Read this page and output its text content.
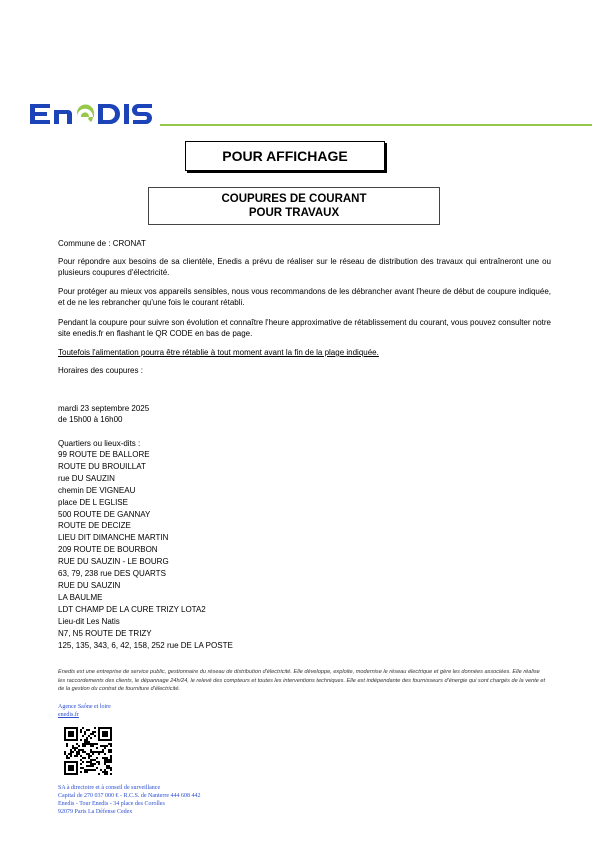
POUR AFFICHAGE
COUPURES DE COURANT
POUR TRAVAUX
Commune de : CRONAT
Pour répondre aux besoins de sa clientèle, Enedis a prévu de réaliser sur le réseau de distribution des travaux qui entraîneront une ou plusieurs coupures d'électricité.
Pour protéger au mieux vos appareils sensibles, nous vous recommandons de les débrancher avant l'heure de début de coupure indiquée, et de ne les rebrancher qu'une fois le courant rétabli.
Pendant la coupure pour suivre son évolution et connaître l'heure approximative de rétablissement du courant, vous pouvez consulter notre site enedis.fr en flashant le QR CODE en bas de page.
Toutefois l'alimentation pourra être rétablie à tout moment avant la fin de la plage indiquée.
Horaires des coupures :
mardi 23 septembre 2025
de 15h00 à 16h00
Quartiers ou lieux-dits :
99 ROUTE DE BALLORE
ROUTE DU BROUILLAT
rue DU SAUZIN
chemin DE VIGNEAU
place DE L EGLISE
500 ROUTE DE GANNAY
ROUTE DE DECIZE
LIEU DIT DIMANCHE MARTIN
209 ROUTE DE BOURBON
RUE DU SAUZIN - LE BOURG
63, 79, 238 rue DES QUARTS
RUE DU SAUZIN
LA BAULME
LDT CHAMP DE LA CURE TRIZY LOTA2
Lieu-dit Les Natis
N7, N5 ROUTE DE TRIZY
125, 135, 343, 6, 42, 158, 252 rue DE LA POSTE
Enedis est une entreprise de service public, gestionnaire du réseau de distribution d'électricité. Elle développe, exploite, modernise le réseau électrique et gère les données associées. Elle réalise les raccordements des clients, le dépannage 24h/24, le relevé des compteurs et toutes les interventions techniques. Elle est indépendante des fournisseurs d'énergie qui sont chargés de la vente et de la gestion du contrat de fourniture d'électricité.
Agence Saône et loire
enedis.fr
SA à directoire et à conseil de surveillance
Capital de 270 037 000 € - R.C.S. de Nanterre 444 608 442
Enedis - Tour Enedis - 34 place des Corolles
92079 Paris La Défense Cedex
